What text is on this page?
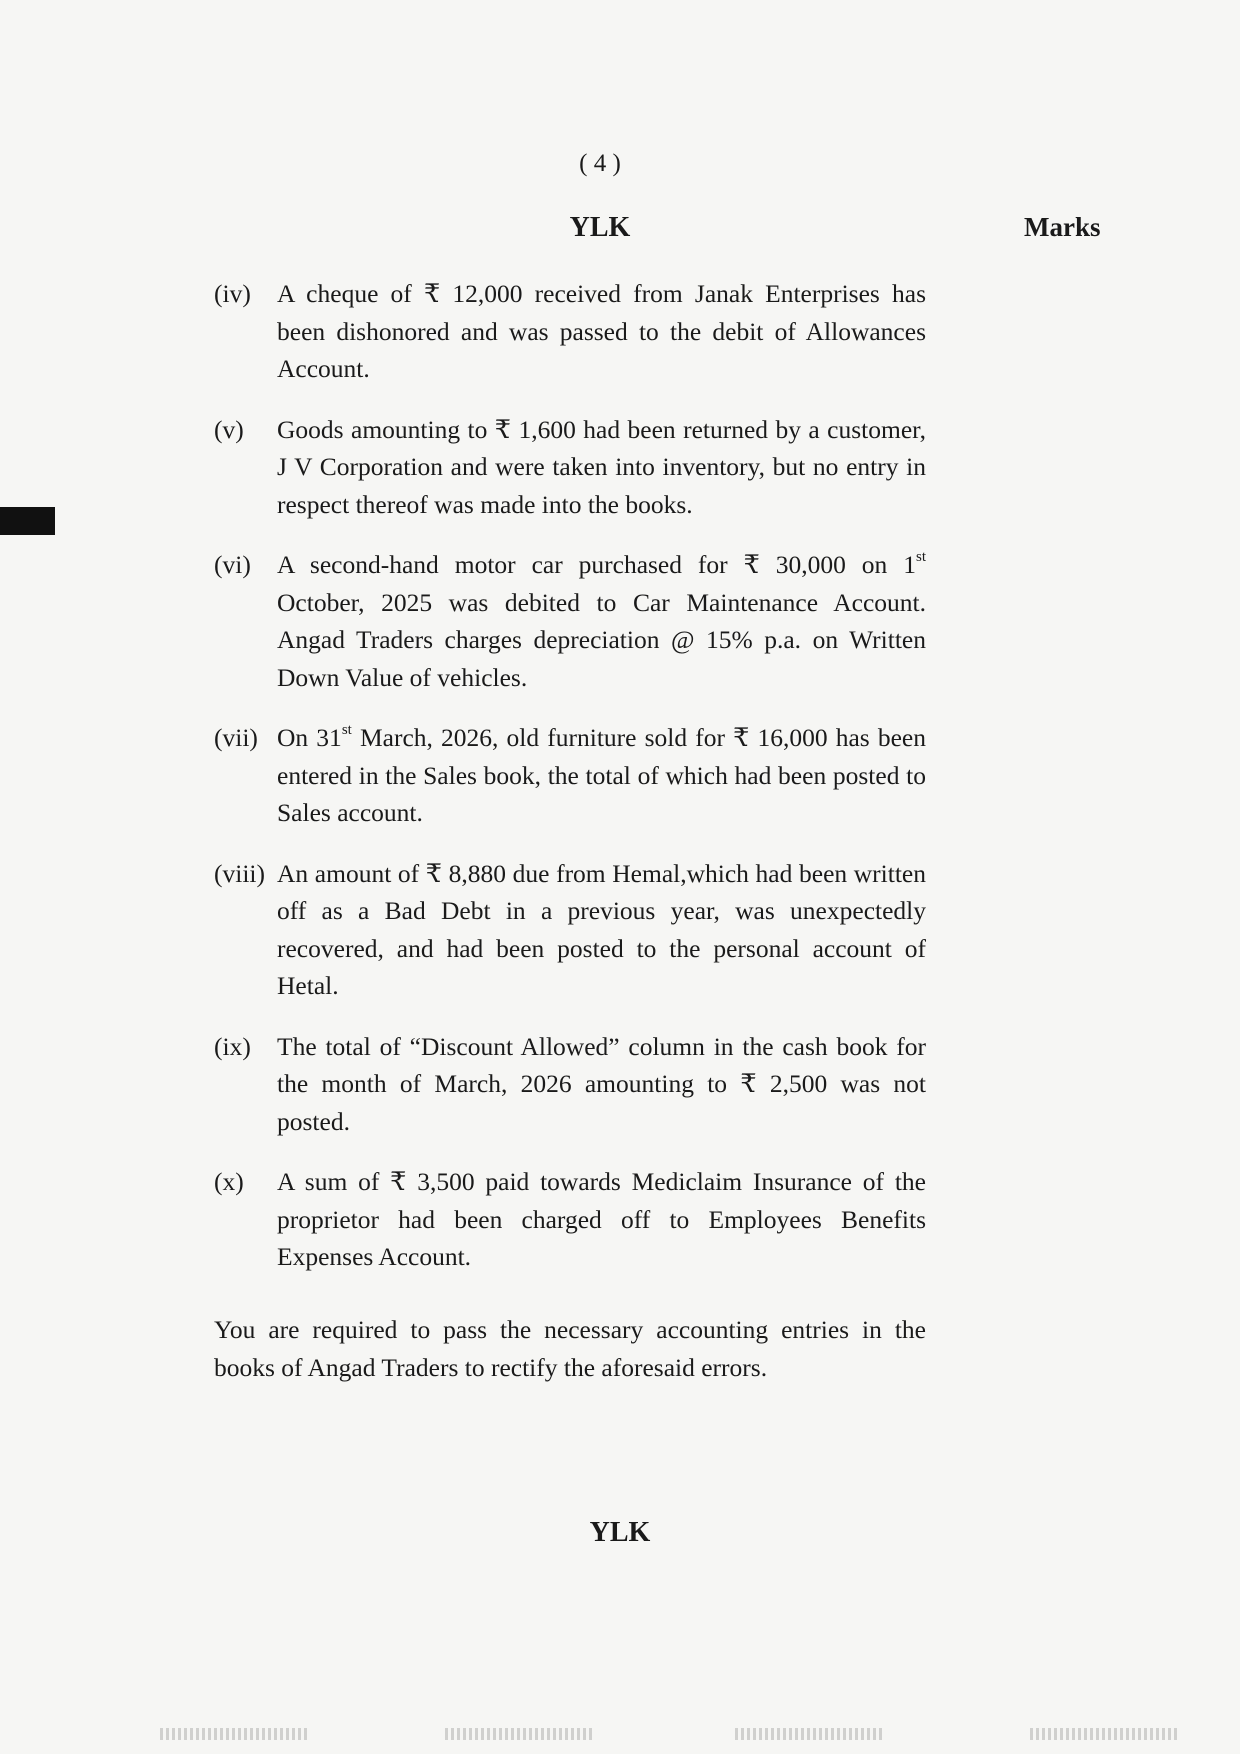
( 4 )
YLK	Marks
(iv)	A cheque of ₹ 12,000 received from Janak Enterprises has been dishonored and was passed to the debit of Allowances Account.
(v)	Goods amounting to ₹ 1,600 had been returned by a customer, J V Corporation and were taken into inventory, but no entry in respect thereof was made into the books.
(vi)	A second-hand motor car purchased for ₹ 30,000 on 1st October, 2025 was debited to Car Maintenance Account. Angad Traders charges depreciation @ 15% p.a. on Written Down Value of vehicles.
(vii) On 31st March, 2026, old furniture sold for ₹ 16,000 has been entered in the Sales book, the total of which had been posted to Sales account.
(viii) An amount of ₹ 8,880 due from Hemal,which had been written off as a Bad Debt in a previous year, was unexpectedly recovered, and had been posted to the personal account of Hetal.
(ix)	The total of “Discount Allowed” column in the cash book for the month of March, 2026 amounting to ₹ 2,500 was not posted.
(x)	A sum of ₹ 3,500 paid towards Mediclaim Insurance of the proprietor had been charged off to Employees Benefits Expenses Account.
You are required to pass the necessary accounting entries in the books of Angad Traders to rectify the aforesaid errors.
YLK
